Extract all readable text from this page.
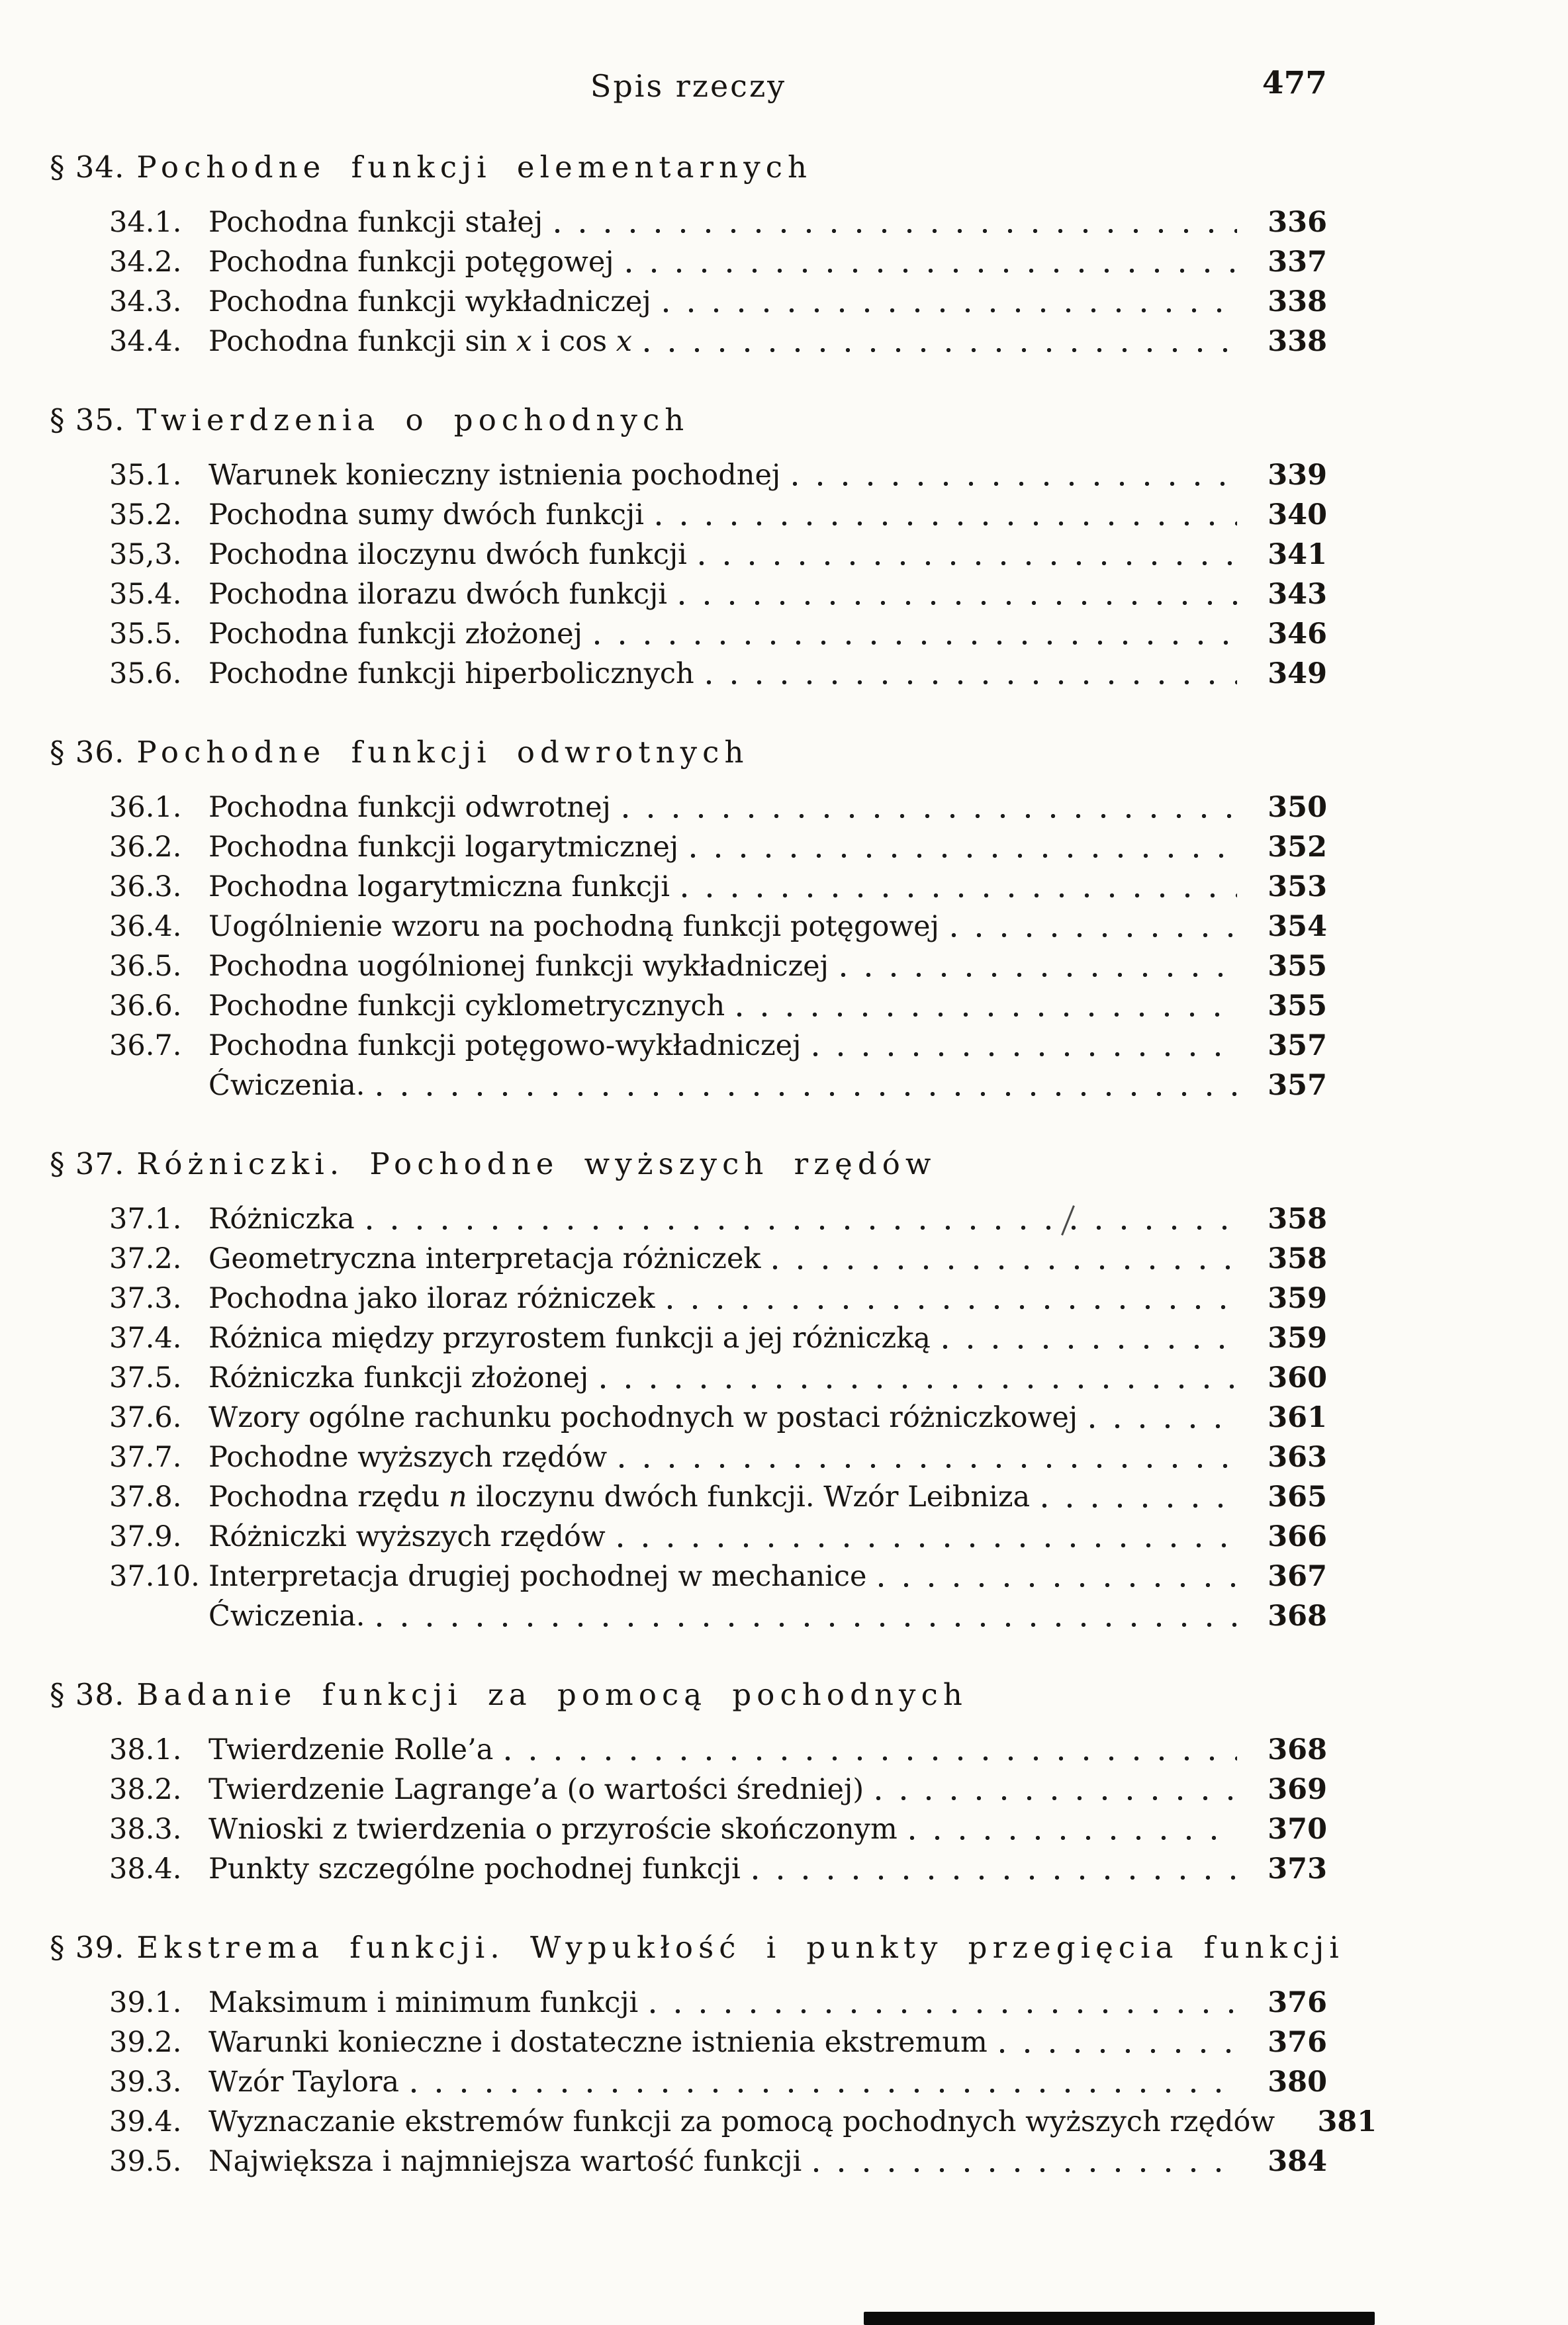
Spis rzeczy	477
§ 34. Pochodne funkcji elementarnych
34.1. Pochodna funkcji stałej	336
34.2. Pochodna funkcji potęgowej	337
34.3. Pochodna funkcji wykładniczej	338
34.4. Pochodna funkcji sin x i cos x	338
§ 35. Twierdzenia o pochodnych
35.1. Warunek konieczny istnienia pochodnej	339
35.2. Pochodna sumy dwóch funkcji	340
35,3. Pochodna iloczynu dwóch funkcji	341
35.4. Pochodna ilorazu dwóch funkcji	343
35.5. Pochodna funkcji złożonej	346
35.6. Pochodne funkcji hiperbolicznych	349
§ 36. Pochodne funkcji odwrotnych
36.1. Pochodna funkcji odwrotnej	350
36.2. Pochodna funkcji logarytmicznej	352
36.3. Pochodna logarytmiczna funkcji	353
36.4. Uogólnienie wzoru na pochodną funkcji potęgowej	354
36.5. Pochodna uogólnionej funkcji wykładniczej	355
36.6. Pochodne funkcji cyklometrycznych	355
36.7. Pochodna funkcji potęgowo-wykładniczej	357
Ćwiczenia.	357
§ 37. Różniczki. Pochodne wyższych rzędów
37.1. Różniczka	358
37.2. Geometryczna interpretacja różniczek	358
37.3. Pochodna jako iloraz różniczek	359
37.4. Różnica między przyrostem funkcji a jej różniczką	359
37.5. Różniczka funkcji złożonej	360
37.6. Wzory ogólne rachunku pochodnych w postaci różniczkowej	361
37.7. Pochodne wyższych rzędów	363
37.8. Pochodna rzędu n iloczynu dwóch funkcji. Wzór Leibniza	365
37.9. Różniczki wyższych rzędów	366
37.10. Interpretacja drugiej pochodnej w mechanice	367
Ćwiczenia.	368
§ 38. Badanie funkcji za pomocą pochodnych
38.1. Twierdzenie Rolle’a	368
38.2. Twierdzenie Lagrange’a (o wartości średniej)	369
38.3. Wnioski z twierdzenia o przyroście skończonym	370
38.4. Punkty szczególne pochodnej funkcji	373
§ 39. Ekstrema funkcji. Wypukłość i punkty przegięcia funkcji
39.1. Maksimum i minimum funkcji	376
39.2. Warunki konieczne i dostateczne istnienia ekstremum	376
39.3. Wzór Taylora	380
39.4. Wyznaczanie ekstremów funkcji za pomocą pochodnych wyższych rzędów	381
39.5. Największa i najmniejsza wartość funkcji	384
